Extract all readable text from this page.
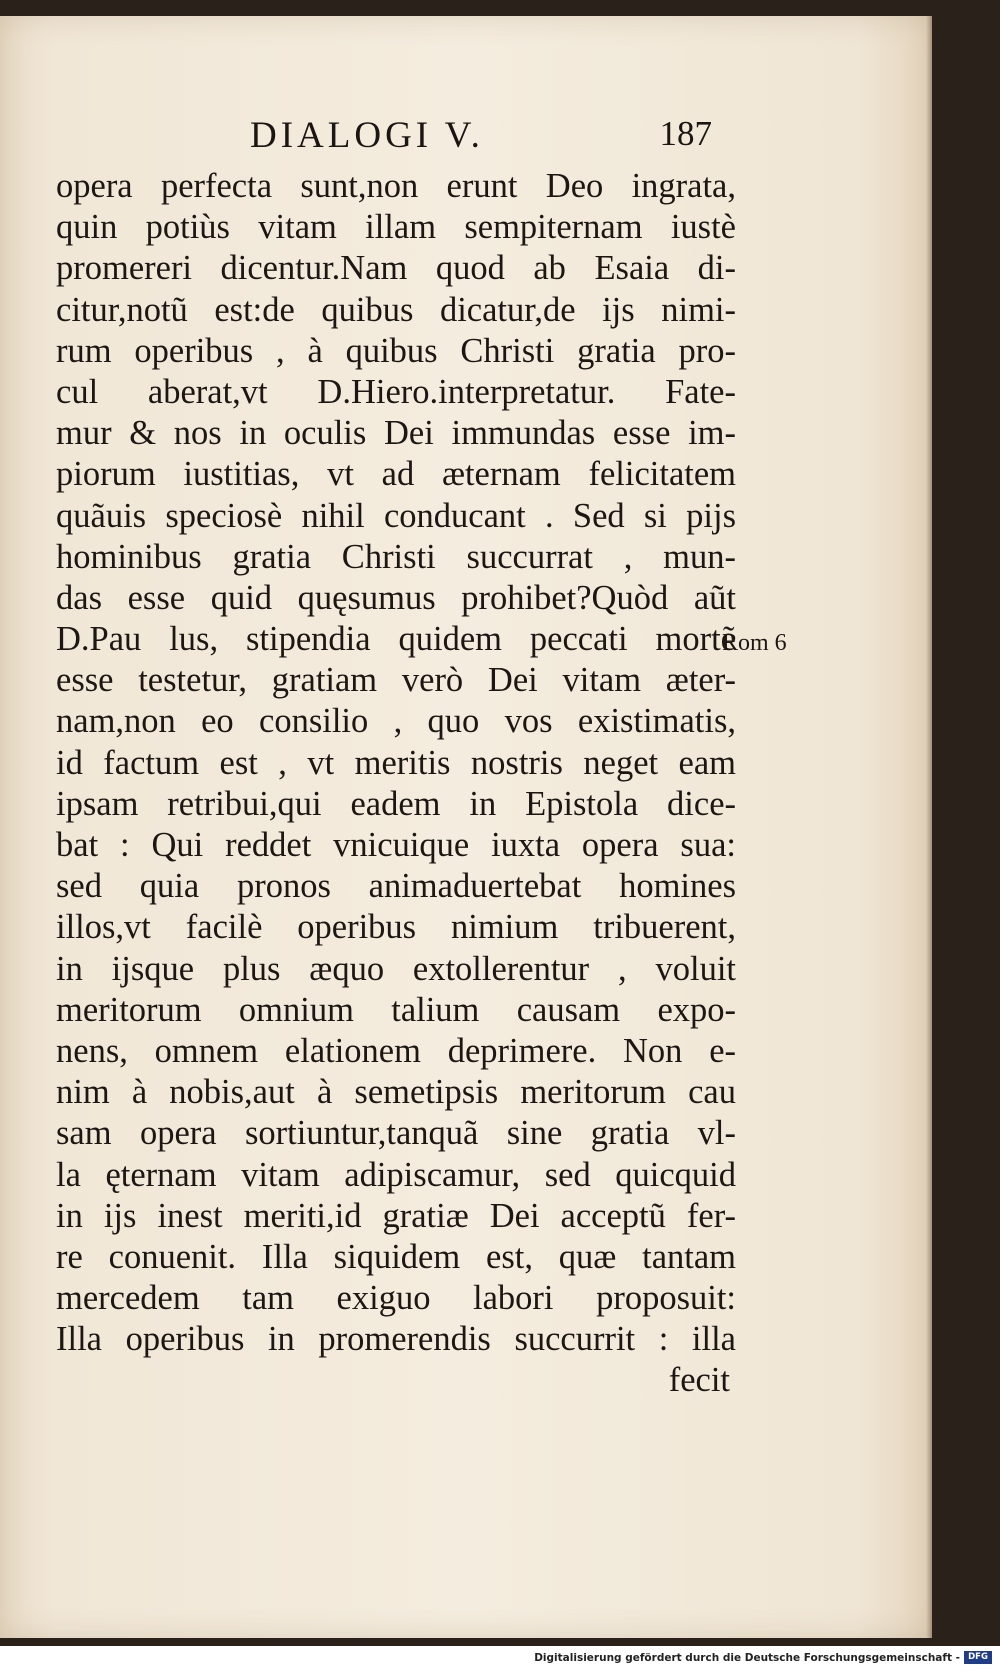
DIALOGI V.	187
opera perfecta sunt,non erunt Deo ingrata,
quin potiùs vitam illam sempiternam iustè
promereri dicentur.Nam quod ab Esaia di-
citur,notũ est:de quibus dicatur,de ijs nimi-
rum operibus , à quibus Christi gratia pro-
cul aberat,vt D.Hiero.interpretatur. Fate-
mur & nos in oculis Dei immundas esse im-
piorum iustitias, vt ad æternam felicitatem
quãuis speciosè nihil conducant . Sed si pijs
hominibus gratia Christi succurrat , mun-
das esse quid quęsumus prohibet?Quòd aũt
D.Pau lus, stipendia quidem peccati mortẽ
esse testetur, gratiam verò Dei vitam æter-
nam,non eo consilio , quo vos existimatis,
id factum est , vt meritis nostris neget eam
ipsam retribui,qui eadem in Epistola dice-
bat : Qui reddet vnicuique iuxta opera sua:
sed quia pronos animaduertebat homines
illos,vt facilè operibus nimium tribuerent,
in ijsque plus æquo extollerentur , voluit
meritorum omnium talium causam expo-
nens, omnem elationem deprimere. Non e-
nim à nobis,aut à semetipsis meritorum cau
sam opera sortiuntur,tanquã sine gratia vl-
la ęternam vitam adipiscamur, sed quicquid
in ijs inest meriti,id gratiæ Dei acceptũ fer-
re conuenit. Illa siquidem est, quæ tantam
mercedem tam exiguo labori proposuit:
Illa operibus in promerendis succurrit : illa
fecit
Rom 6
Digitalisierung gefördert durch die Deutsche Forschungsgemeinschaft - DFG
